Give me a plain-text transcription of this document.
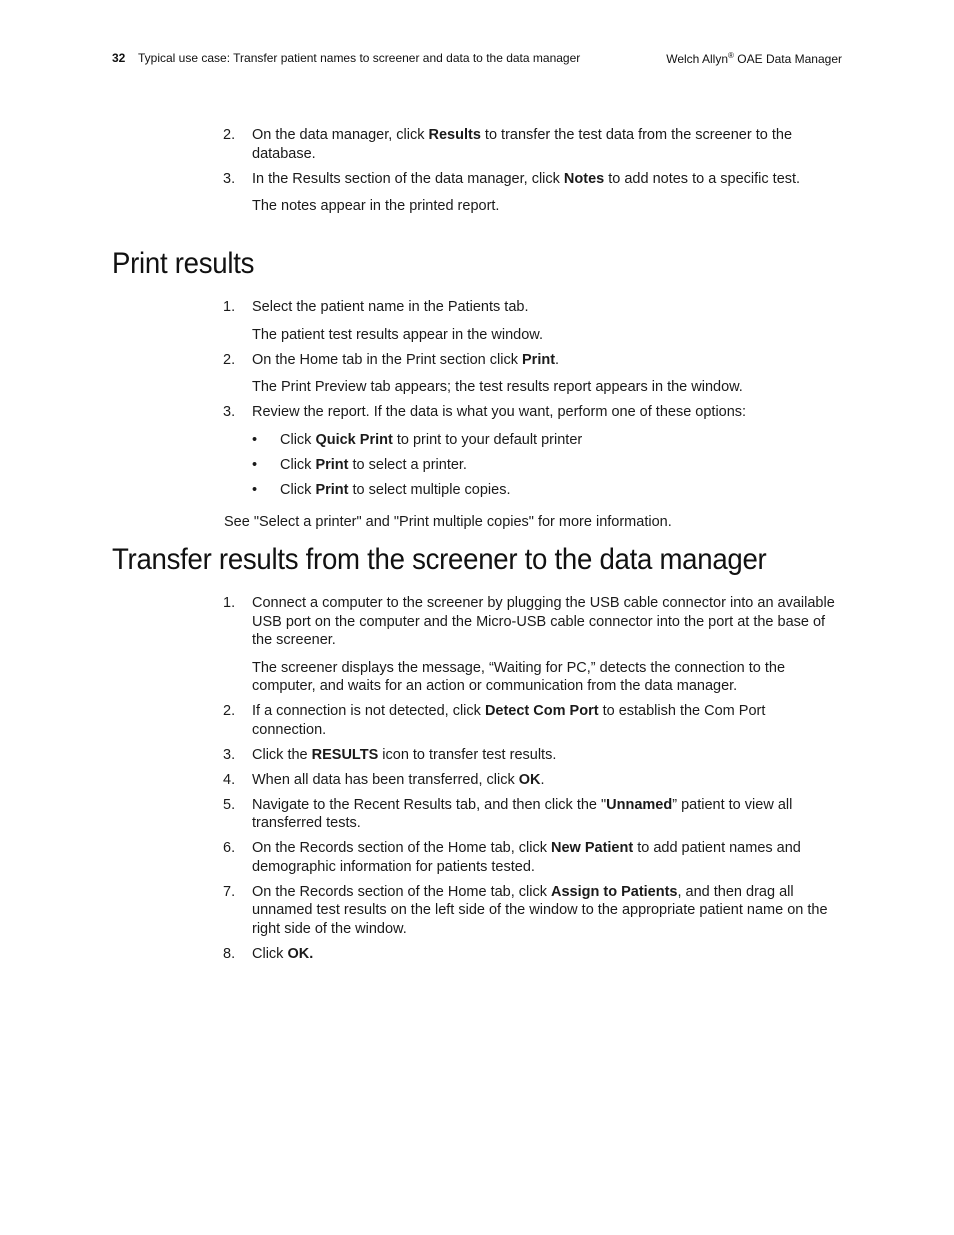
32 Typical use case: Transfer patient names to screener and data to the data manager	Welch Allyn® OAE Data Manager
2. On the data manager, click Results to transfer the test data from the screener to the database.
3. In the Results section of the data manager, click Notes to add notes to a specific test.

The notes appear in the printed report.

Print results
1. Select the patient name in the Patients tab.

The patient test results appear in the window.

2. On the Home tab in the Print section click Print.

The Print Preview tab appears; the test results report appears in the window.

3. Review the report. If the data is what you want, perform one of these options:
• Click Quick Print to print to your default printer
• Click Print to select a printer.
• Click Print to select multiple copies.

See "Select a printer" and "Print multiple copies" for more information.

Transfer results from the screener to the data manager
1. Connect a computer to the screener by plugging the USB cable connector into an available USB port on the computer and the Micro-USB cable connector into the port at the base of the screener.

The screener displays the message, “Waiting for PC,” detects the connection to the computer, and waits for an action or communication from the data manager.

2. If a connection is not detected, click Detect Com Port to establish the Com Port connection.
3. Click the RESULTS icon to transfer test results.
4. When all data has been transferred, click OK.
5. Navigate to the Recent Results tab, and then click the "Unnamed” patient to view all transferred tests.
6. On the Records section of the Home tab, click New Patient to add patient names and demographic information for patients tested.
7. On the Records section of the Home tab, click Assign to Patients, and then drag all unnamed test results on the left side of the window to the appropriate patient name on the right side of the window.
8. Click OK.
